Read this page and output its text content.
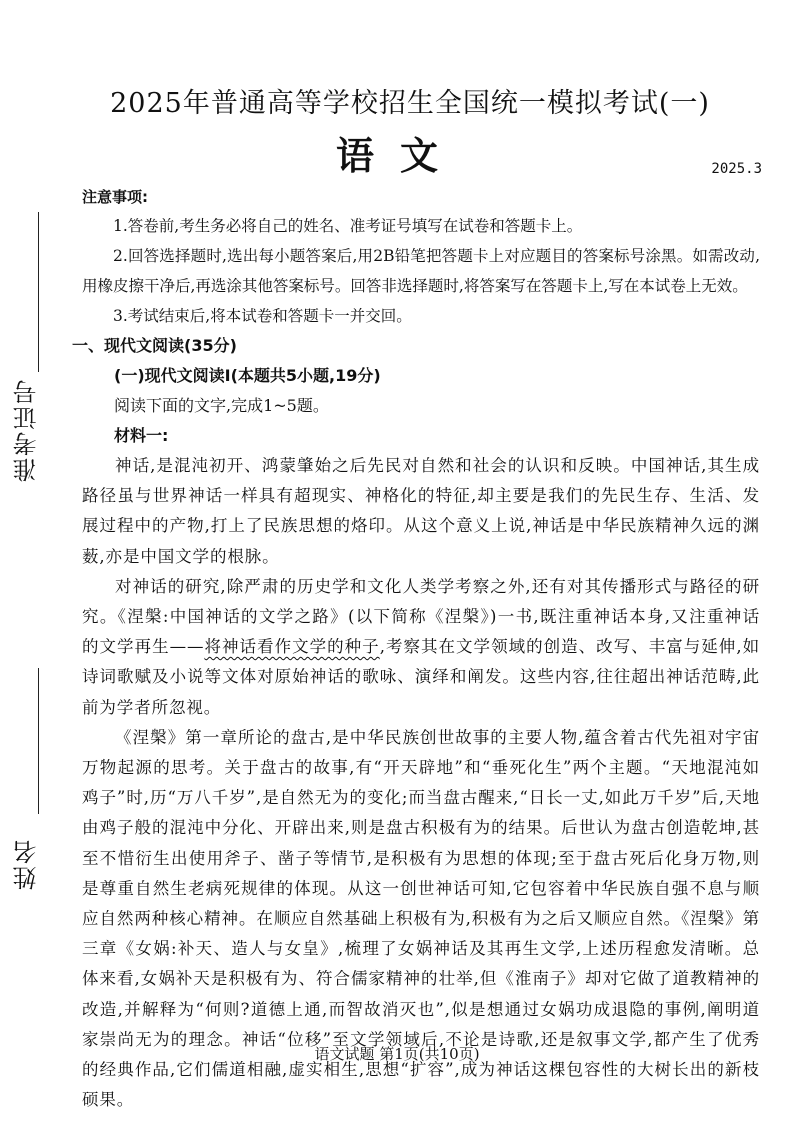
准考证号
姓名
2025年普通高等学校招生全国统一模拟考试(一)
语文	2025.3

注意事项:

1.答卷前,考生务必将自己的姓名、准考证号填写在试卷和答题卡上。

2.回答选择题时,选出每小题答案后,用2B铅笔把答题卡上对应题目的答案标号涂黑。如需改动,用橡皮擦干净后,再选涂其他答案标号。回答非选择题时,将答案写在答题卡上,写在本试卷上无效。

3.考试结束后,将本试卷和答题卡一并交回。

一、现代文阅读(35分)

(一)现代文阅读Ⅰ(本题共5小题,19分)

阅读下面的文字,完成1~5题。

材料一:

神话,是混沌初开、鸿蒙肇始之后先民对自然和社会的认识和反映。中国神话,其生成路径虽与世界神话一样具有超现实、神格化的特征,却主要是我们的先民生存、生活、发展过程中的产物,打上了民族思想的烙印。从这个意义上说,神话是中华民族精神久远的渊薮,亦是中国文学的根脉。

对神话的研究,除严肃的历史学和文化人类学考察之外,还有对其传播形式与路径的研究。《涅槃:中国神话的文学之路》(以下简称《涅槃》)一书,既注重神话本身,又注重神话的文学再生——将神话看作文学的种子,考察其在文学领域的创造、改写、丰富与延伸,如诗词歌赋及小说等文体对原始神话的歌咏、演绎和阐发。这些内容,往往超出神话范畴,此前为学者所忽视。

《涅槃》第一章所论的盘古,是中华民族创世故事的主要人物,蕴含着古代先祖对宇宙万物起源的思考。关于盘古的故事,有“开天辟地”和“垂死化生”两个主题。“天地混沌如鸡子”时,历“万八千岁”,是自然无为的变化;而当盘古醒来,“日长一丈,如此万千岁”后,天地由鸡子般的混沌中分化、开辟出来,则是盘古积极有为的结果。后世认为盘古创造乾坤,甚至不惜衍生出使用斧子、凿子等情节,是积极有为思想的体现;至于盘古死后化身万物,则是尊重自然生老病死规律的体现。从这一创世神话可知,它包容着中华民族自强不息与顺应自然两种核心精神。在顺应自然基础上积极有为,积极有为之后又顺应自然。《涅槃》第三章《女娲:补天、造人与女皇》,梳理了女娲神话及其再生文学,上述历程愈发清晰。总体来看,女娲补天是积极有为、符合儒家精神的壮举,但《淮南子》却对它做了道教精神的改造,并解释为“何则?道德上通,而智故消灭也”,似是想通过女娲功成退隐的事例,阐明道家崇尚无为的理念。神话“位移”至文学领域后,不论是诗歌,还是叙事文学,都产生了优秀的经典作品,它们儒道相融,虚实相生,思想“扩容”,成为神话这棵包容性的大树长出的新枝硕果。

语文试题 第1页(共10页)
